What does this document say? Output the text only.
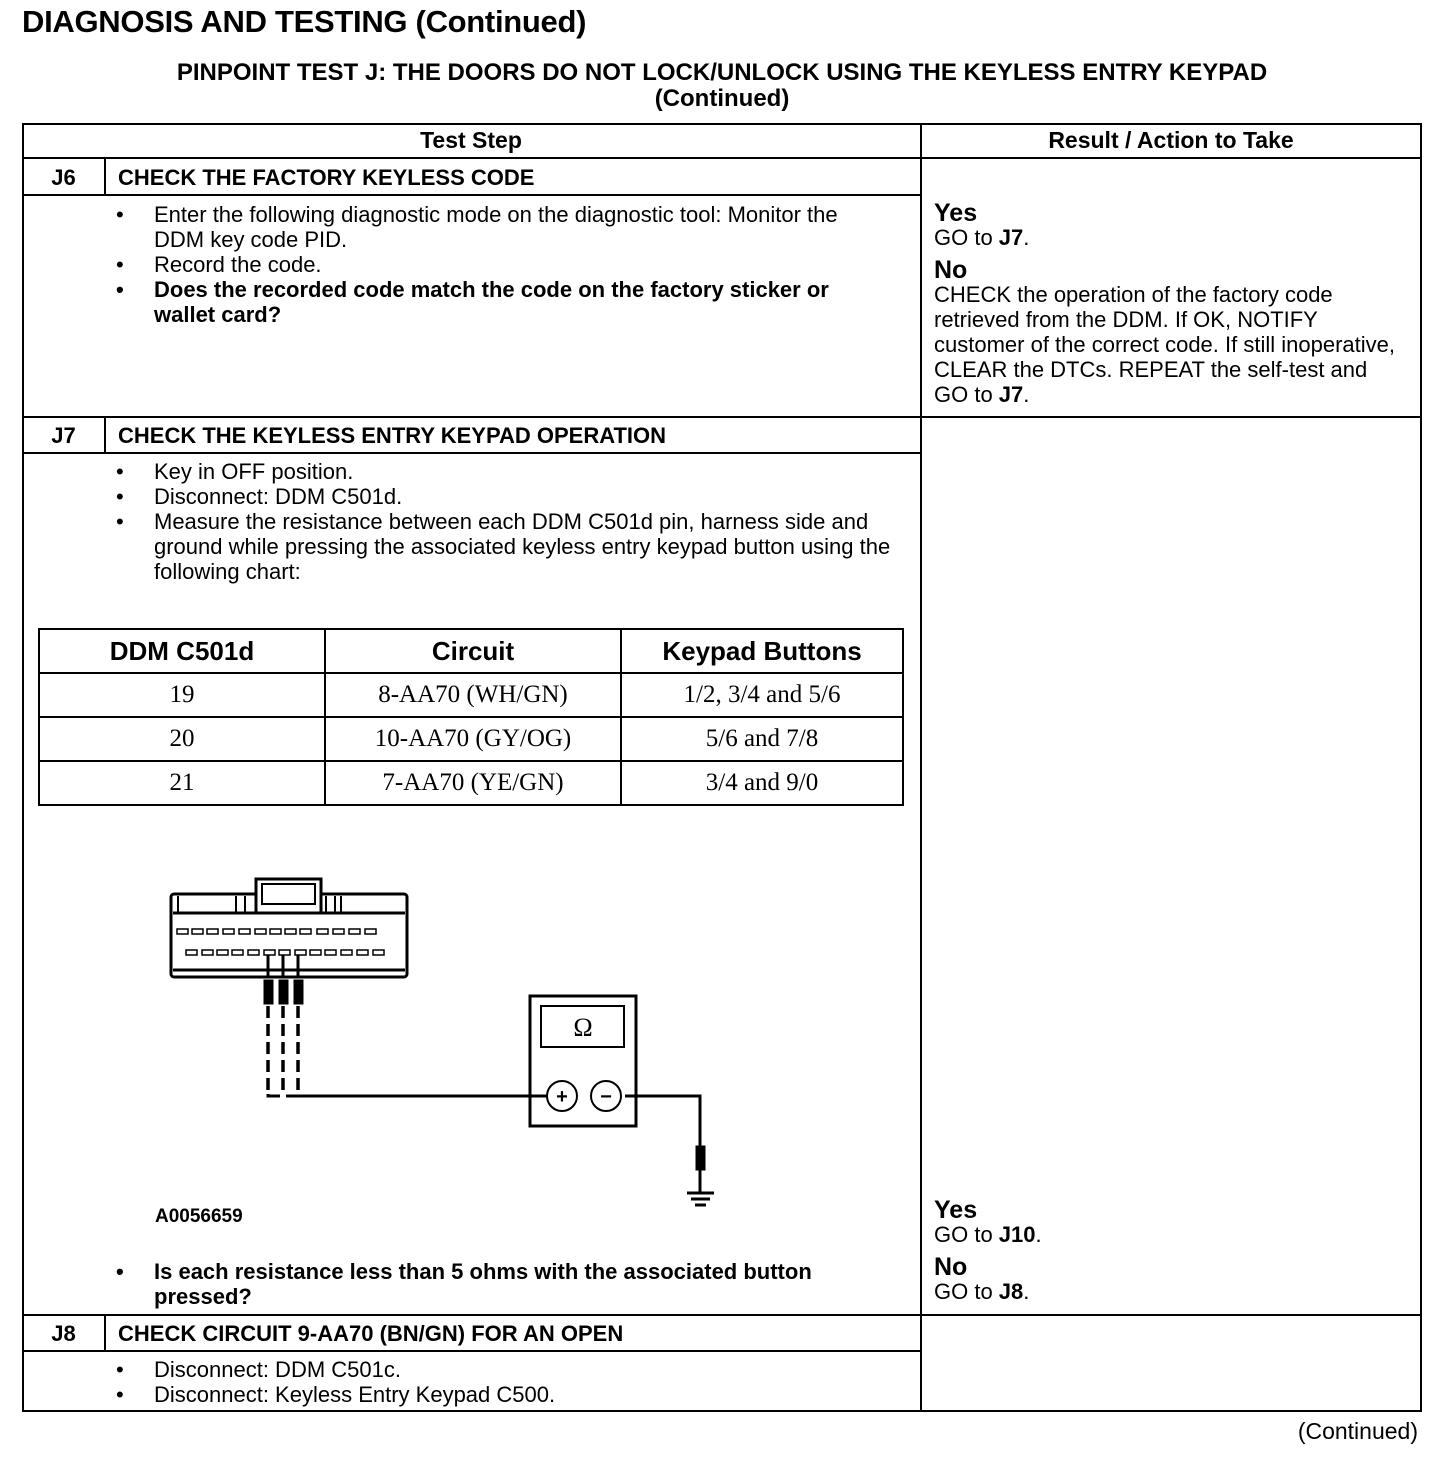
DIAGNOSIS AND TESTING (Continued)
PINPOINT TEST J: THE DOORS DO NOT LOCK/UNLOCK USING THE KEYLESS ENTRY KEYPAD
(Continued)
Test Step	Result / Action to Take
J6	CHECK THE FACTORY KEYLESS CODE
• Enter the following diagnostic mode on the diagnostic tool: Monitor the DDM key code PID.
• Record the code.
• Does the recorded code match the code on the factory sticker or wallet card?
Yes
GO to J7.
No
CHECK the operation of the factory code retrieved from the DDM. If OK, NOTIFY customer of the correct code. If still inoperative, CLEAR the DTCs. REPEAT the self-test and GO to J7.
J7	CHECK THE KEYLESS ENTRY KEYPAD OPERATION
• Key in OFF position.
• Disconnect: DDM C501d.
• Measure the resistance between each DDM C501d pin, harness side and ground while pressing the associated keyless entry keypad button using the following chart:
DDM C501d	Circuit	Keypad Buttons
19	8-AA70 (WH/GN)	1/2, 3/4 and 5/6
20	10-AA70 (GY/OG)	5/6 and 7/8
21	7-AA70 (YE/GN)	3/4 and 9/0
Ω
+ −
A0056659
• Is each resistance less than 5 ohms with the associated button pressed?
Yes
GO to J10.
No
GO to J8.
J8	CHECK CIRCUIT 9-AA70 (BN/GN) FOR AN OPEN
• Disconnect: DDM C501c.
• Disconnect: Keyless Entry Keypad C500.
(Continued)
